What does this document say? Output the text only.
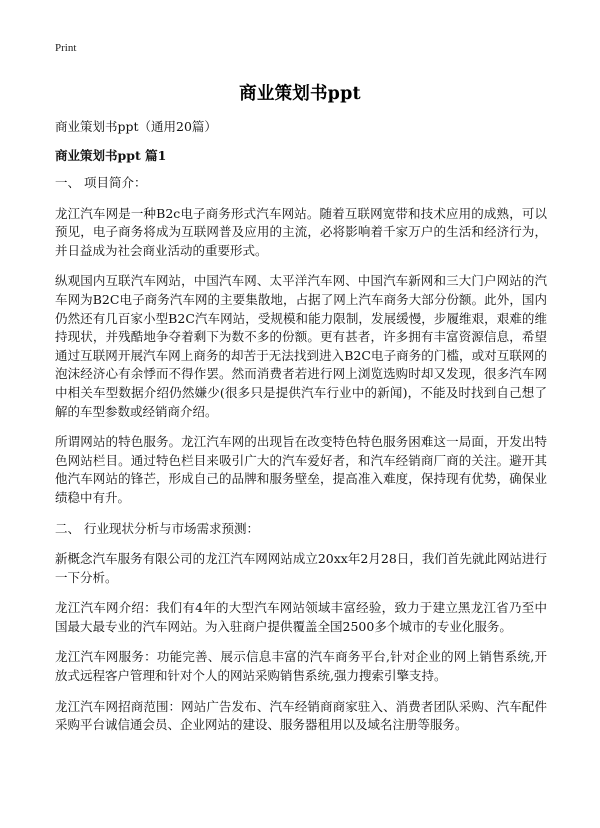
Print
商业策划书ppt
商业策划书ppt（通用20篇）
商业策划书ppt 篇1
一、 项目简介：
龙江汽车网是一种B2c电子商务形式汽车网站。随着互联网宽带和技术应用的成熟，可以预见，电子商务将成为互联网普及应用的主流，必将影响着千家万户的生活和经济行为，并日益成为社会商业活动的重要形式。
纵观国内互联汽车网站，中国汽车网、太平洋汽车网、中国汽车新网和三大门户网站的汽车网为B2C电子商务汽车网的主要集散地，占据了网上汽车商务大部分份额。此外，国内仍然还有几百家小型B2C汽车网站，受规模和能力限制，发展缓慢，步履维艰，艰难的维持现状，并残酷地争夺着剩下为数不多的份额。更有甚者，许多拥有丰富资源信息，希望通过互联网开展汽车网上商务的却苦于无法找到进入B2C电子商务的门槛，或对互联网的泡沫经济心有余悸而不得作罢。然而消费者若进行网上浏览选购时却又发现，很多汽车网中相关车型数据介绍仍然嫌少(很多只是提供汽车行业中的新闻)，不能及时找到自己想了解的车型参数或经销商介绍。
所谓网站的特色服务。龙江汽车网的出现旨在改变特色特色服务困难这一局面，开发出特色网站栏目。通过特色栏目来吸引广大的汽车爱好者，和汽车经销商厂商的关注。避开其他汽车网站的锋芒，形成自己的品牌和服务壁垒，提高准入难度，保持现有优势，确保业绩稳中有升。
二、 行业现状分析与市场需求预测：
新概念汽车服务有限公司的龙江汽车网网站成立20xx年2月28日，我们首先就此网站进行一下分析。
龙江汽车网介绍：我们有4年的大型汽车网站领域丰富经验，致力于建立黑龙江省乃至中国最大最专业的汽车网站。为入驻商户提供覆盖全国2500多个城市的专业化服务。
龙江汽车网服务：功能完善、展示信息丰富的汽车商务平台,针对企业的网上销售系统,开放式远程客户管理和针对个人的网站采购销售系统,强力搜索引擎支持。
龙江汽车网招商范围：网站广告发布、汽车经销商商家驻入、消费者团队采购、汽车配件采购平台诚信通会员、企业网站的建设、服务器租用以及域名注册等服务。
